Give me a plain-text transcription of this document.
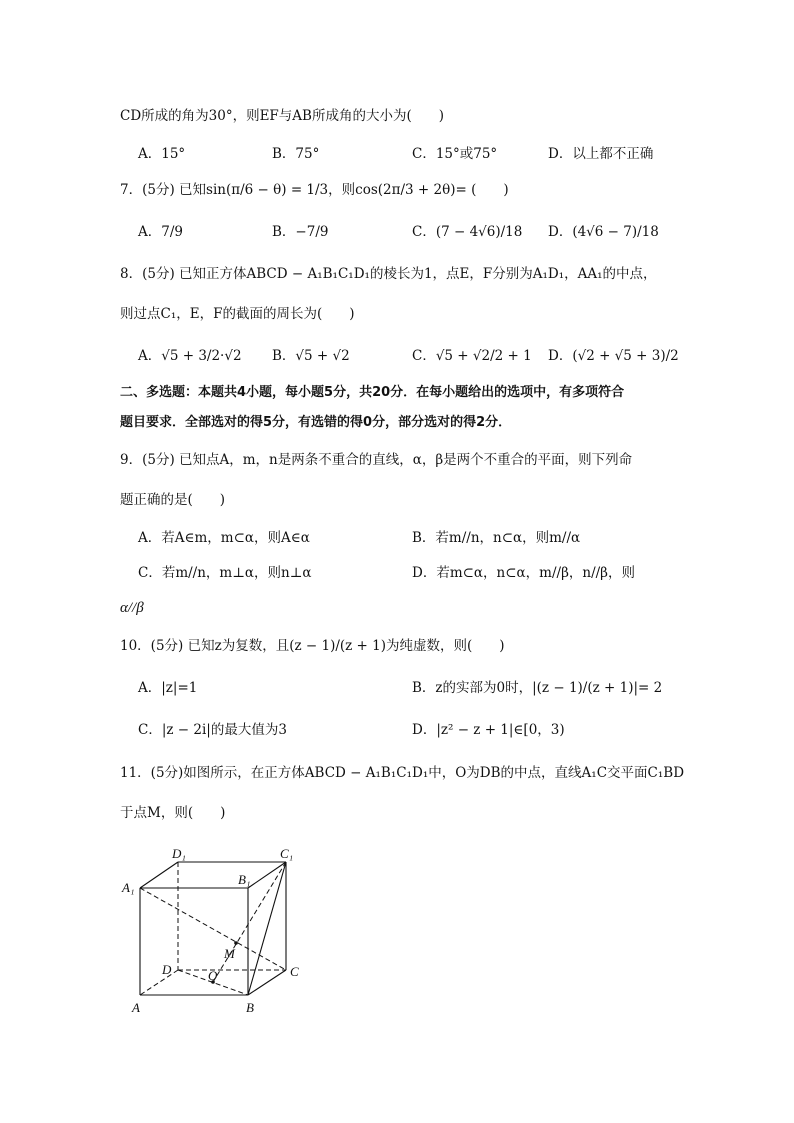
CD所成的角为30°，则EF与AB所成角的大小为(　　)
A．15°	B．75°	C．15°或75°	D．以上都不正确
7．(5分) 已知sin(π/6 − θ) = 1/3，则cos(2π/3 + 2θ)= (　　)
A．7/9	B．−7/9	C．(7 − 4√6)/18 D．(4√6 − 7)/18
8．(5分) 已知正方体ABCD − A₁B₁C₁D₁的棱长为1，点E，F分别为A₁D₁，AA₁的中点，
则过点C₁，E，F的截面的周长为(　　)
A．√5 + 3/2·√2 B．√5 + √2	C．√5 + √2/2 + 1 D．(√2 + √5 + 3)/2
二、多选题：本题共4小题，每小题5分，共20分．在每小题给出的选项中，有多项符合
题目要求．全部选对的得5分，有选错的得0分，部分选对的得2分．
9．(5分) 已知点A，m，n是两条不重合的直线，α，β是两个不重合的平面，则下列命
题正确的是(　　)
A．若A∈m，m⊂α，则A∈α	B．若m//n，n⊂α，则m//α
C．若m//n，m⊥α，则n⊥α	D．若m⊂α，n⊂α，m//β，n//β，则
α//β
10．(5分) 已知z为复数，且(z − 1)/(z + 1)为纯虚数，则(　　)
A．|z|=1	B．z的实部为0时，|(z − 1)/(z + 1)|= 2
C．|z − 2i|的最大值为3	D．|z² − z + 1|∈[0，3)
11．(5分)如图所示，在正方体ABCD − A₁B₁C₁D₁中，O为DB的中点，直线A₁C交平面C₁BD
于点M，则(　　)
D₁	C₁
A₁
B₁
M
D	O	C
A	B
